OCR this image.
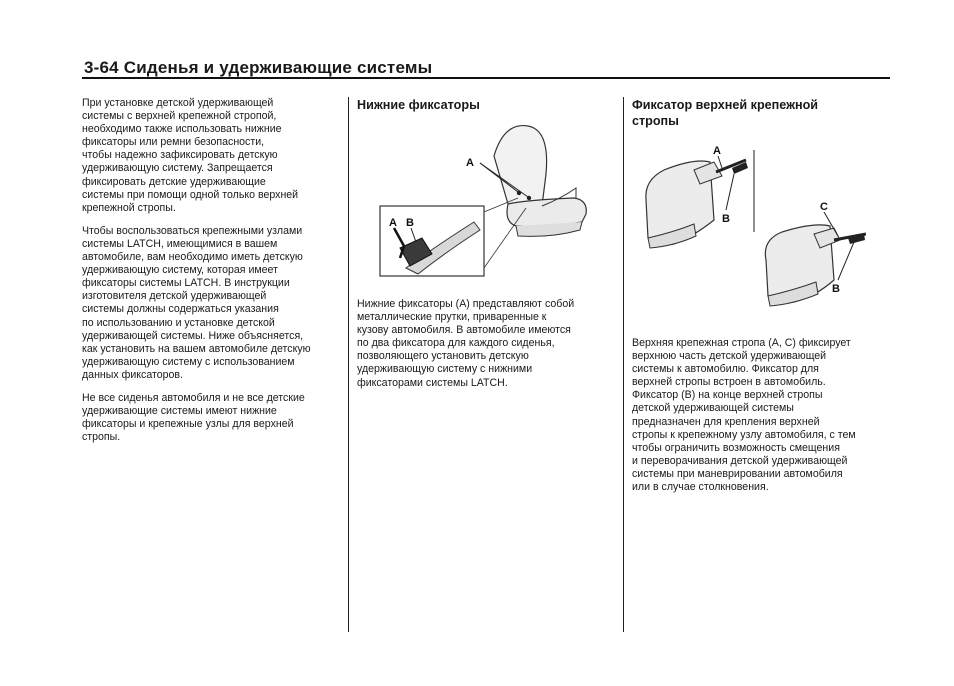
3-64 Сиденья и удерживающие системы

При установке детской удерживающей
системы с верхней крепежной стропой,
необходимо также использовать нижние
фиксаторы или ремни безопасности,
чтобы надежно зафиксировать детскую
удерживающую систему. Запрещается
фиксировать детские удерживающие
системы при помощи одной только верхней
крепежной стропы.

Чтобы воспользоваться крепежными узлами
системы LATCH, имеющимися в вашем
автомобиле, вам необходимо иметь детскую
удерживающую систему, которая имеет
фиксаторы системы LATCH. В инструкции
изготовителя детской удерживающей
системы должны содержаться указания
по использованию и установке детской
удерживающей системы. Ниже объясняется,
как установить на вашем автомобиле детскую
удерживающую систему с использованием
данных фиксаторов.

Не все сиденья автомобиля и не все детские
удерживающие системы имеют нижние
фиксаторы и крепежные узлы для верхней
стропы.

Нижние фиксаторы

A
A B

Нижние фиксаторы (А) представляют собой
металлические прутки, приваренные к
кузову автомобиля. В автомобиле имеются
по два фиксатора для каждого сиденья,
позволяющего установить детскую
удерживающую систему с нижними
фиксаторами системы LATCH.

Фиксатор верхней крепежной
стропы

A
B
C
B

Верхняя крепежная стропа (А, С) фиксирует
верхнюю часть детской удерживающей
системы к автомобилю. Фиксатор для
верхней стропы встроен в автомобиль.
Фиксатор (В) на конце верхней стропы
детской удерживающей системы
предназначен для крепления верхней
стропы к крепежному узлу автомобиля, с тем
чтобы ограничить возможность смещения
и переворачивания детской удерживающей
системы при маневрировании автомобиля
или в случае столкновения.
